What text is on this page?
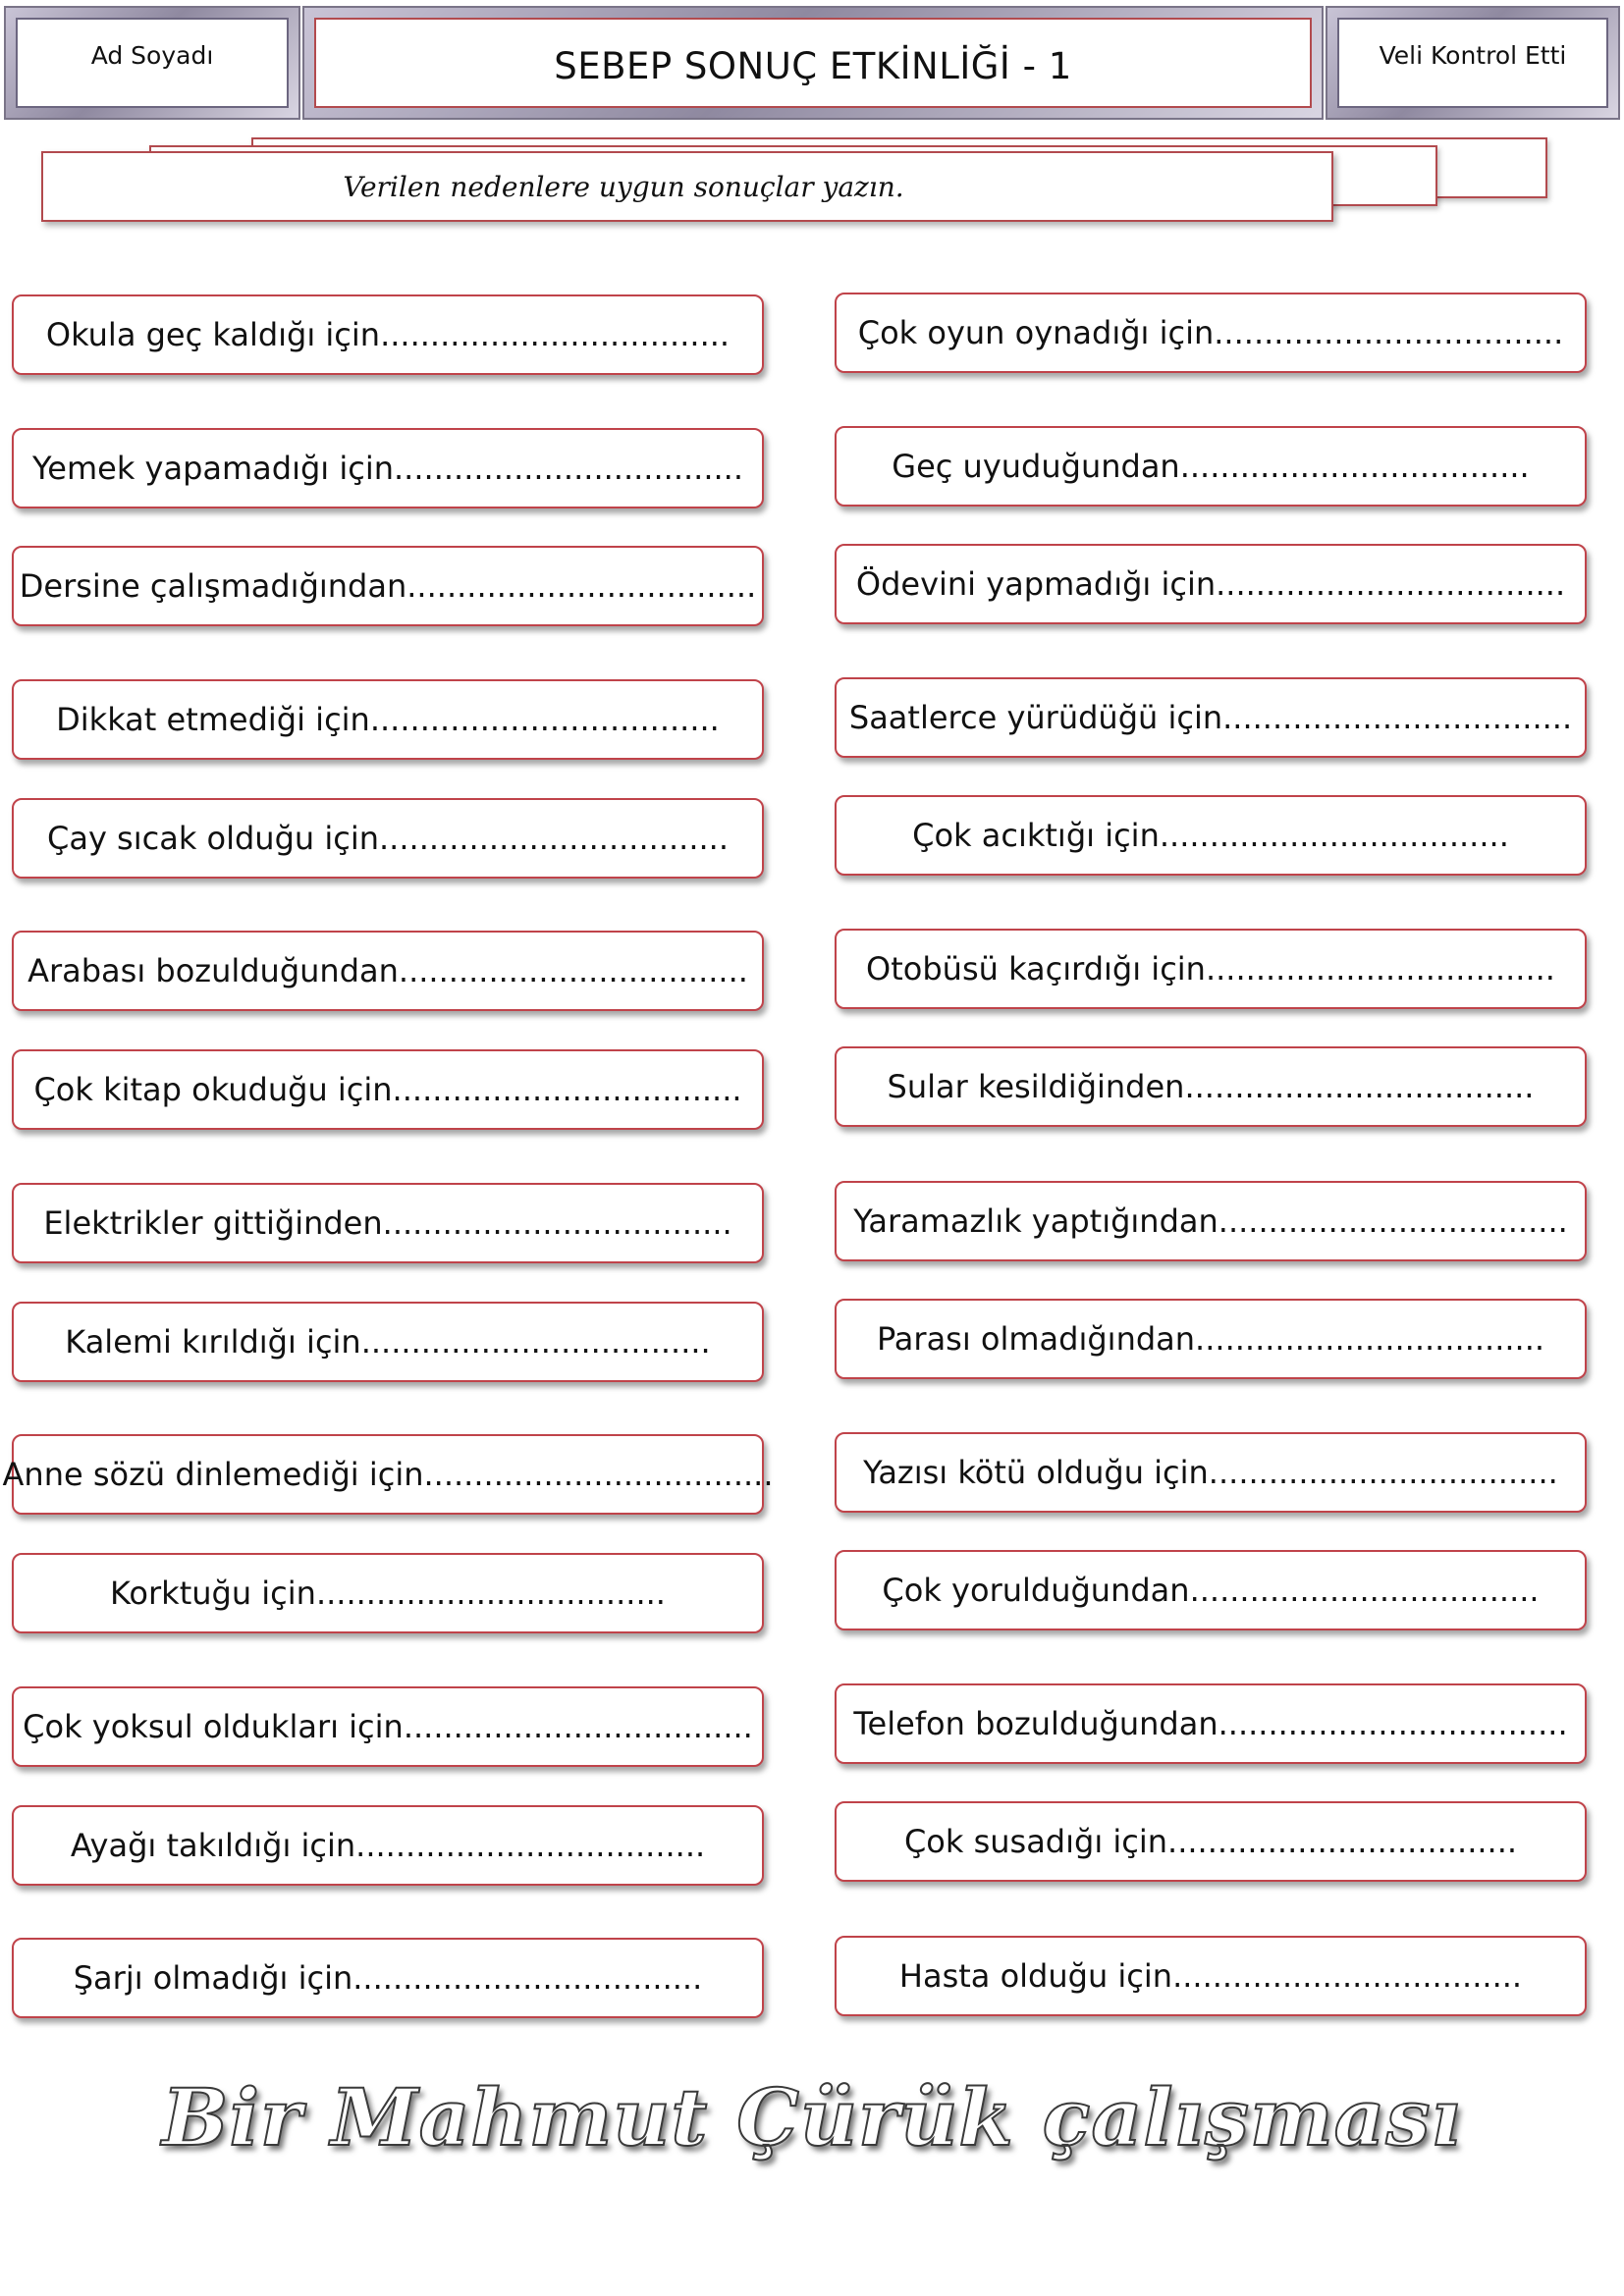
Ad Soyadı	SEBEP SONUÇ ETKİNLİĞİ - 1	Veli Kontrol Etti
Verilen nedenlere uygun sonuçlar yazın.
Okula geç kaldığı için...................................
Yemek yapamadığı için...................................
Dersine çalışmadığından...................................
Dikkat etmediği için...................................
Çay sıcak olduğu için...................................
Arabası bozulduğundan...................................
Çok kitap okuduğu için...................................
Elektrikler gittiğinden...................................
Kalemi kırıldığı için...................................
Anne sözü dinlemediği için...................................
Korktuğu için...................................
Çok yoksul oldukları için...................................
Ayağı takıldığı için...................................
Şarjı olmadığı için...................................
Çok oyun oynadığı için...................................
Geç uyuduğundan...................................
Ödevini yapmadığı için...................................
Saatlerce yürüdüğü için...................................
Çok acıktığı için...................................
Otobüsü kaçırdığı için...................................
Sular kesildiğinden...................................
Yaramazlık yaptığından...................................
Parası olmadığından...................................
Yazısı kötü olduğu için...................................
Çok yorulduğundan...................................
Telefon bozulduğundan...................................
Çok susadığı için...................................
Hasta olduğu için...................................
Bir Mahmut Çürük çalışması
